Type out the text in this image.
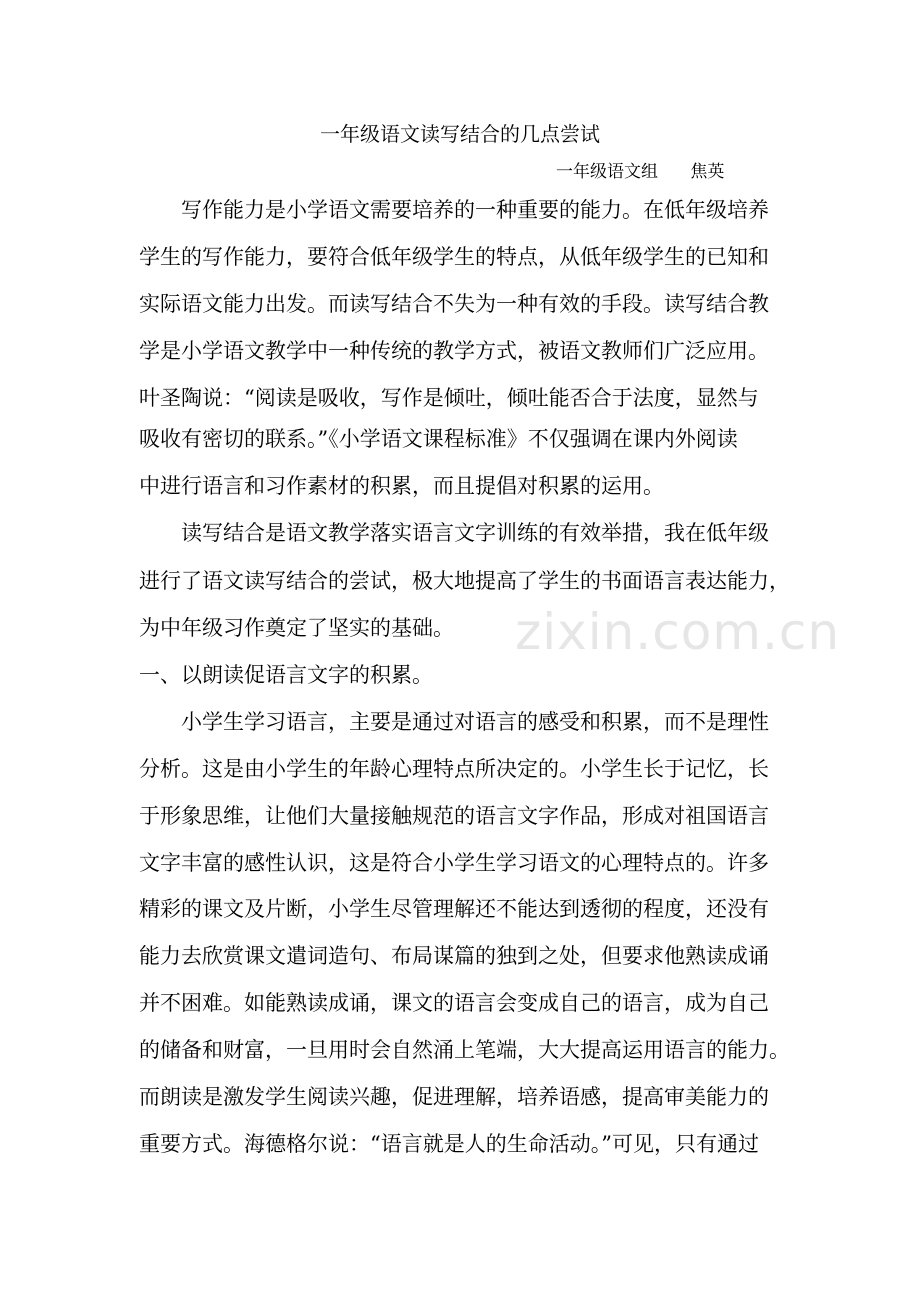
一年级语文读写结合的几点尝试
一年级语文组      焦英
　　写作能力是小学语文需要培养的一种重要的能力。在低年级培养
学生的写作能力，要符合低年级学生的特点，从低年级学生的已知和
实际语文能力出发。而读写结合不失为一种有效的手段。读写结合教
学是小学语文教学中一种传统的教学方式，被语文教师们广泛应用。
叶圣陶说：“阅读是吸收，写作是倾吐，倾吐能否合于法度，显然与
吸收有密切的联系。”《小学语文课程标准》不仅强调在课内外阅读
中进行语言和习作素材的积累，而且提倡对积累的运用。
　　读写结合是语文教学落实语言文字训练的有效举措，我在低年级
进行了语文读写结合的尝试，极大地提高了学生的书面语言表达能力，
为中年级习作奠定了坚实的基础。
一、以朗读促语言文字的积累。
　　小学生学习语言，主要是通过对语言的感受和积累，而不是理性
分析。这是由小学生的年龄心理特点所决定的。小学生长于记忆，长
于形象思维，让他们大量接触规范的语言文字作品，形成对祖国语言
文字丰富的感性认识，这是符合小学生学习语文的心理特点的。许多
精彩的课文及片断，小学生尽管理解还不能达到透彻的程度，还没有
能力去欣赏课文遣词造句、布局谋篇的独到之处，但要求他熟读成诵
并不困难。如能熟读成诵，课文的语言会变成自己的语言，成为自己
的储备和财富，一旦用时会自然涌上笔端，大大提高运用语言的能力。
而朗读是激发学生阅读兴趣，促进理解，培养语感，提高审美能力的
重要方式。海德格尔说：“语言就是人的生命活动。”可见，只有通过
zixin.com.cn
